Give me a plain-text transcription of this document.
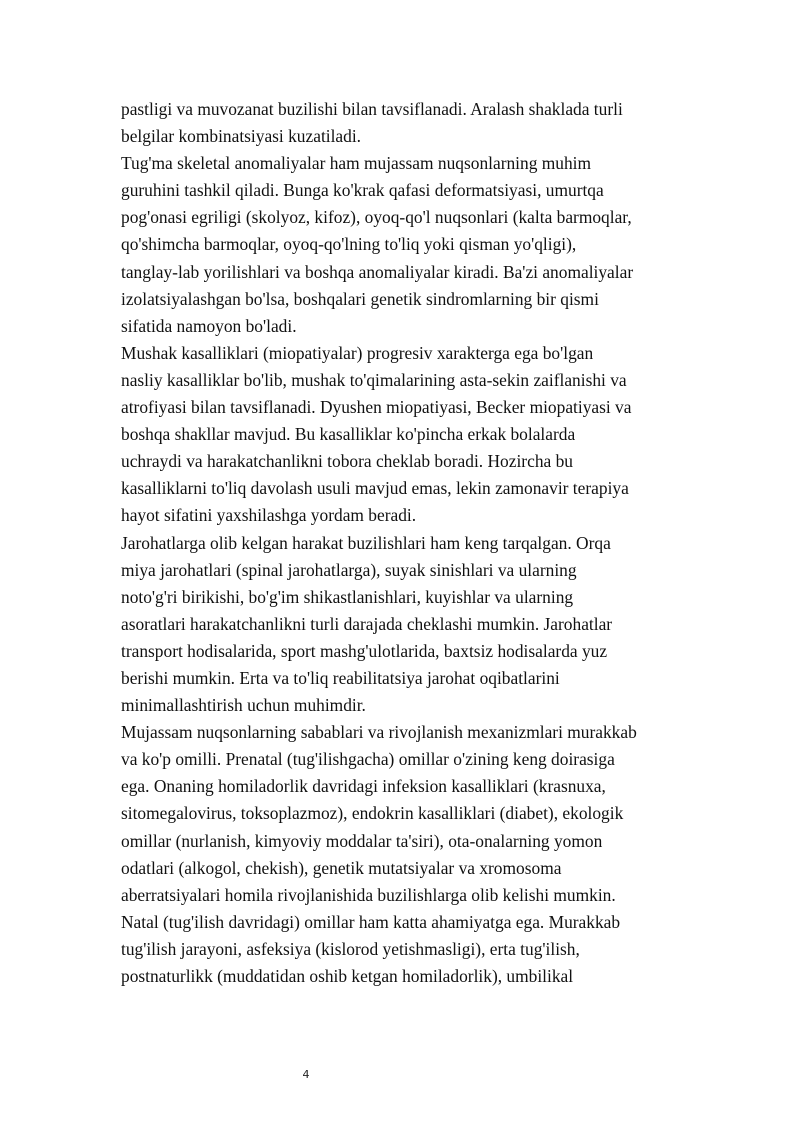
pastligi va muvozanat buzilishi bilan tavsiflanadi. Aralash shaklada turli
belgilar kombinatsiyasi kuzatiladi.
Tug'ma skeletal anomaliyalar ham mujassam nuqsonlarning muhim
guruhini tashkil qiladi. Bunga ko'krak qafasi deformatsiyasi, umurtqa
pog'onasi egriligi (skolyoz, kifoz), oyoq-qo'l nuqsonlari (kalta barmoqlar,
qo'shimcha barmoqlar, oyoq-qo'lning to'liq yoki qisman yo'qligi),
tanglay-lab yorilishlari va boshqa anomaliyalar kiradi. Ba'zi anomaliyalar
izolatsiyalashgan bo'lsa, boshqalari genetik sindromlarning bir qismi
sifatida namoyon bo'ladi.
Mushak kasalliklari (miopatiyalar) progresiv xarakterga ega bo'lgan
nasliy kasalliklar bo'lib, mushak to'qimalarining asta-sekin zaiflanishi va
atrofiyasi bilan tavsiflanadi. Dyushen miopatiyasi, Becker miopatiyasi va
boshqa shakllar mavjud. Bu kasalliklar ko'pincha erkak bolalarda
uchraydi va harakatchanlikni tobora cheklab boradi. Hozircha bu
kasalliklarni to'liq davolash usuli mavjud emas, lekin zamonavir terapiya
hayot sifatini yaxshilashga yordam beradi.
Jarohatlarga olib kelgan harakat buzilishlari ham keng tarqalgan. Orqa
miya jarohatlari (spinal jarohatlarga), suyak sinishlari va ularning
noto'g'ri birikishi, bo'g'im shikastlanishlari, kuyishlar va ularning
asoratlari harakatchanlikni turli darajada cheklashi mumkin. Jarohatlar
transport hodisalarida, sport mashg'ulotlarida, baxtsiz hodisalarda yuz
berishi mumkin. Erta va to'liq reabilitatsiya jarohat oqibatlarini
minimallashtirish uchun muhimdir.
Mujassam nuqsonlarning sabablari va rivojlanish mexanizmlari murakkab
va ko'p omilli. Prenatal (tug'ilishgacha) omillar o'zining keng doirasiga
ega. Onaning homiladorlik davridagi infeksion kasalliklari (krasnuxa,
sitomegalovirus, toksoplazmoz), endokrin kasalliklari (diabet), ekologik
omillar (nurlanish, kimyoviy moddalar ta'siri), ota-onalarning yomon
odatlari (alkogol, chekish), genetik mutatsiyalar va xromosoma
aberratsiyalari homila rivojlanishida buzilishlarga olib kelishi mumkin.
Natal (tug'ilish davridagi) omillar ham katta ahamiyatga ega. Murakkab
tug'ilish jarayoni, asfeksiya (kislorod yetishmasligi), erta tug'ilish,
postnaturlikk (muddatidan oshib ketgan homiladorlik), umbilikal
4
